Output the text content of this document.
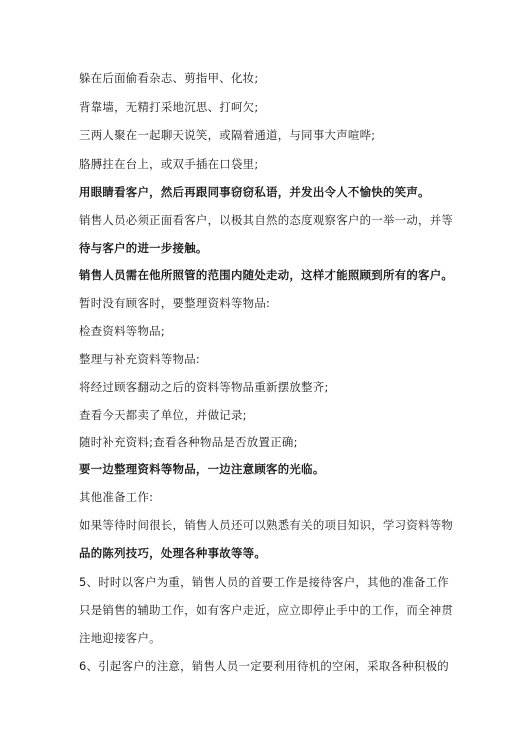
躲在后面偷看杂志、剪指甲、化妆;
背靠墙，无精打采地沉思、打呵欠;
三两人聚在一起聊天说笑，或隔着通道，与同事大声喧哗;
胳膊拄在台上，或双手插在口袋里;
用眼睛看客户，然后再跟同事窃窃私语，并发出令人不愉快的笑声。
销售人员必须正面看客户，以极其自然的态度观察客户的一举一动，并等
待与客户的进一步接触。
销售人员需在他所照管的范围内随处走动，这样才能照顾到所有的客户。
暂时没有顾客时，要整理资料等物品:
检查资料等物品;
整理与补充资料等物品:
将经过顾客翻动之后的资料等物品重新摆放整齐;
查看今天都卖了单位，并做记录;
随时补充资料;查看各种物品是否放置正确;
要一边整理资料等物品，一边注意顾客的光临。
其他准备工作:
如果等待时间很长，销售人员还可以熟悉有关的项目知识，学习资料等物
品的陈列技巧，处理各种事故等等。
5、时时以客户为重，销售人员的首要工作是接待客户，其他的准备工作
只是销售的辅助工作，如有客户走近，应立即停止手中的工作，而全神贯
注地迎接客户。
6、引起客户的注意，销售人员一定要利用待机的空闲，采取各种积极的
